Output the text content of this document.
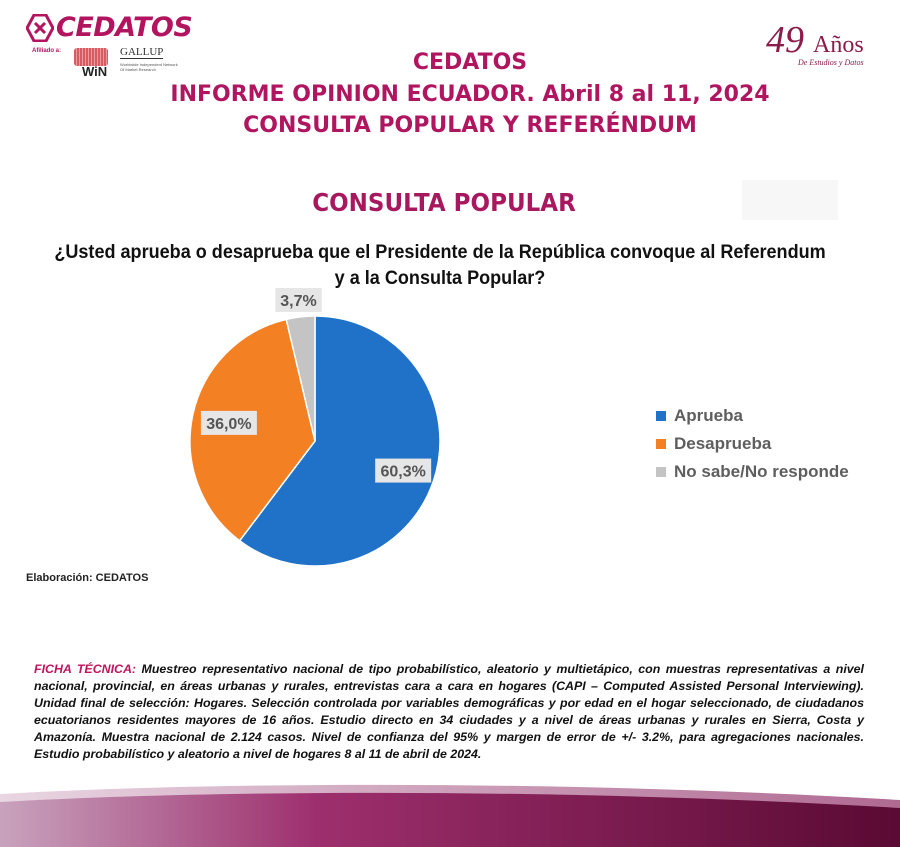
CEDATOS
Afiliado a:
WiN
GALLUP
Worldwide Independent Network Of Market Research
49 Años
De Estudios y Datos
CEDATOS
INFORME OPINION ECUADOR. Abril 8 al 11, 2024
CONSULTA POPULAR Y REFERÉNDUM
CONSULTA POPULAR
¿Usted aprueba o desaprueba que el Presidente de la República convoque al Referendum
y a la Consulta Popular?
60,3%
36,0%
3,7%
Aprueba
Desaprueba
No sabe/No responde
Elaboración: CEDATOS
FICHA TÉCNICA: Muestreo representativo nacional de tipo probabilístico, aleatorio y multietápico, con muestras representativas a nivel nacional, provincial, en áreas urbanas y rurales, entrevistas cara a cara en hogares (CAPI – Computed Assisted Personal Interviewing). Unidad final de selección: Hogares. Selección controlada por variables demográficas y por edad en el hogar seleccionado, de ciudadanos ecuatorianos residentes mayores de 16 años. Estudio directo en 34 ciudades y a nivel de áreas urbanas y rurales en Sierra, Costa y Amazonía. Muestra nacional de 2.124 casos. Nivel de confianza del 95% y margen de error de +/- 3.2%, para agregaciones nacionales. Estudio probabilístico y aleatorio a nivel de hogares 8 al 11 de abril de 2024.
